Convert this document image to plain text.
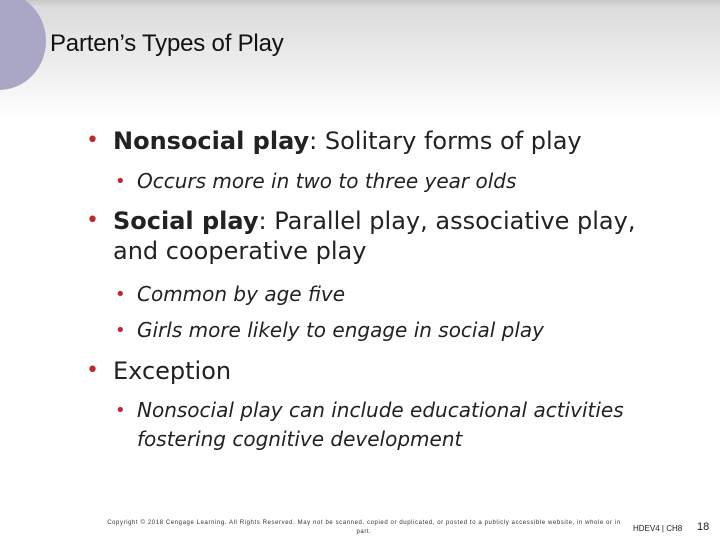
Parten’s Types of Play
• Nonsocial play: Solitary forms of play
• Occurs more in two to three year olds
• Social play: Parallel play, associative play, and cooperative play
• Common by age five
• Girls more likely to engage in social play
• Exception
• Nonsocial play can include educational activities fostering cognitive development
Copyright © 2018 Cengage Learning. All Rights Reserved. May not be scanned, copied or duplicated, or posted to a publicly accessible website, in whole or in part.	HDEV4 | CH8 18
